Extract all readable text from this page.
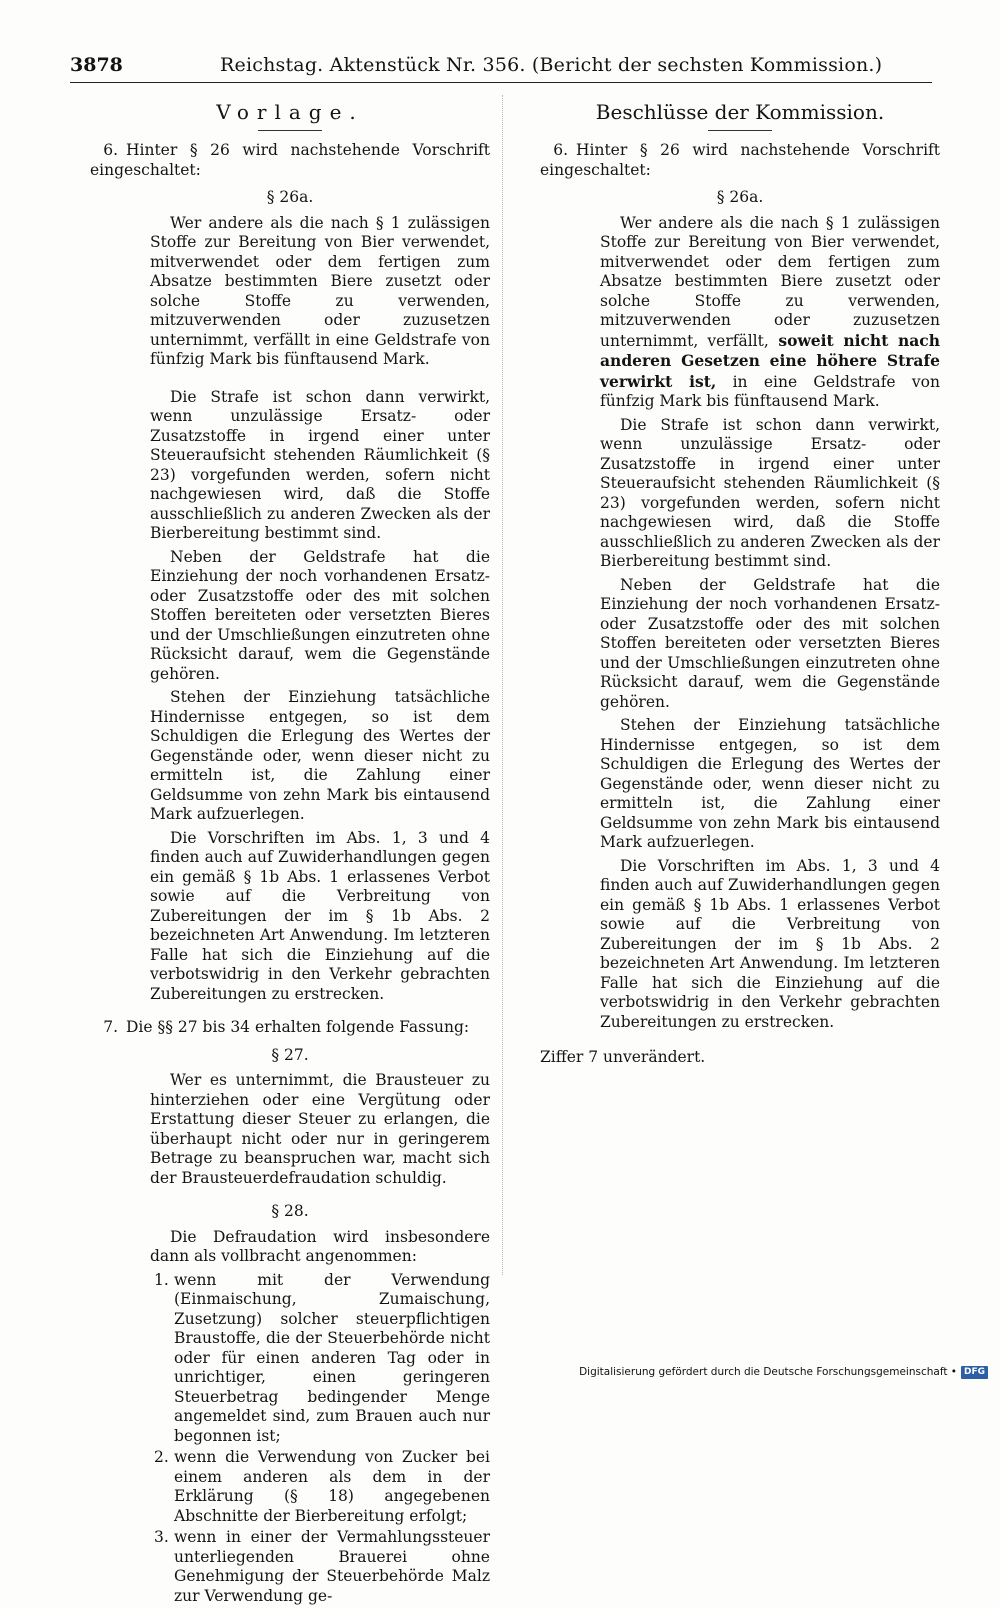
3878	Reichstag. Aktenstück Nr. 356. (Bericht der sechsten Kommission.)
Vorlage.
6. Hinter § 26 wird nachstehende Vorschrift eingeschaltet:
§ 26a.
Wer andere als die nach § 1 zulässigen Stoffe zur Bereitung von Bier verwendet, mitverwendet oder dem fertigen zum Absatze bestimmten Biere zusetzt oder solche Stoffe zu verwenden, mitzuverwenden oder zuzusetzen unternimmt, verfällt in eine Geldstrafe von fünfzig Mark bis fünftausend Mark.
Die Strafe ist schon dann verwirkt, wenn unzulässige Ersatz- oder Zusatzstoffe in irgend einer unter Steueraufsicht stehenden Räumlichkeit (§ 23) vorgefunden werden, sofern nicht nachgewiesen wird, daß die Stoffe ausschließlich zu anderen Zwecken als der Bierbereitung bestimmt sind.
Neben der Geldstrafe hat die Einziehung der noch vorhandenen Ersatz- oder Zusatzstoffe oder des mit solchen Stoffen bereiteten oder versetzten Bieres und der Umschließungen einzutreten ohne Rücksicht darauf, wem die Gegenstände gehören.
Stehen der Einziehung tatsächliche Hindernisse entgegen, so ist dem Schuldigen die Erlegung des Wertes der Gegenstände oder, wenn dieser nicht zu ermitteln ist, die Zahlung einer Geldsumme von zehn Mark bis eintausend Mark aufzuerlegen.
Die Vorschriften im Abs. 1, 3 und 4 finden auch auf Zuwiderhandlungen gegen ein gemäß § 1b Abs. 1 erlassenes Verbot sowie auf die Verbreitung von Zubereitungen der im § 1b Abs. 2 bezeichneten Art Anwendung. Im letzteren Falle hat sich die Einziehung auf die verbotswidrig in den Verkehr gebrachten Zubereitungen zu erstrecken.
7. Die §§ 27 bis 34 erhalten folgende Fassung:
§ 27.
Wer es unternimmt, die Brausteuer zu hinterziehen oder eine Vergütung oder Erstattung dieser Steuer zu erlangen, die überhaupt nicht oder nur in geringerem Betrage zu beanspruchen war, macht sich der Brausteuerdefraudation schuldig.
§ 28.
Die Defraudation wird insbesondere dann als vollbracht angenommen:
1. wenn mit der Verwendung (Einmaischung, Zumaischung, Zusetzung) solcher steuerpflichtigen Braustoffe, die der Steuerbehörde nicht oder für einen anderen Tag oder in unrichtiger, einen geringeren Steuerbetrag bedingender Menge angemeldet sind, zum Brauen auch nur begonnen ist;
2. wenn die Verwendung von Zucker bei einem anderen als dem in der Erklärung (§ 18) angegebenen Abschnitte der Bierbereitung erfolgt;
3. wenn in einer der Vermahlungssteuer unterliegenden Brauerei ohne Genehmigung der Steuerbehörde Malz zur Verwendung ge-
Beschlüsse der Kommission.
6. Hinter § 26 wird nachstehende Vorschrift eingeschaltet:
§ 26a.
Wer andere als die nach § 1 zulässigen Stoffe zur Bereitung von Bier verwendet, mitverwendet oder dem fertigen zum Absatze bestimmten Biere zusetzt oder solche Stoffe zu verwenden, mitzuverwenden oder zuzusetzen unternimmt, verfällt, soweit nicht nach anderen Gesetzen eine höhere Strafe verwirkt ist, in eine Geldstrafe von fünfzig Mark bis fünftausend Mark.
Die Strafe ist schon dann verwirkt, wenn unzulässige Ersatz- oder Zusatzstoffe in irgend einer unter Steueraufsicht stehenden Räumlichkeit (§ 23) vorgefunden werden, sofern nicht nachgewiesen wird, daß die Stoffe ausschließlich zu anderen Zwecken als der Bierbereitung bestimmt sind.
Neben der Geldstrafe hat die Einziehung der noch vorhandenen Ersatz- oder Zusatzstoffe oder des mit solchen Stoffen bereiteten oder versetzten Bieres und der Umschließungen einzutreten ohne Rücksicht darauf, wem die Gegenstände gehören.
Stehen der Einziehung tatsächliche Hindernisse entgegen, so ist dem Schuldigen die Erlegung des Wertes der Gegenstände oder, wenn dieser nicht zu ermitteln ist, die Zahlung einer Geldsumme von zehn Mark bis eintausend Mark aufzuerlegen.
Die Vorschriften im Abs. 1, 3 und 4 finden auch auf Zuwiderhandlungen gegen ein gemäß § 1b Abs. 1 erlassenes Verbot sowie auf die Verbreitung von Zubereitungen der im § 1b Abs. 2 bezeichneten Art Anwendung. Im letzteren Falle hat sich die Einziehung auf die verbotswidrig in den Verkehr gebrachten Zubereitungen zu erstrecken.
Ziffer 7 unverändert.
Digitalisierung gefördert durch die Deutsche Forschungsgemeinschaft • DFG
